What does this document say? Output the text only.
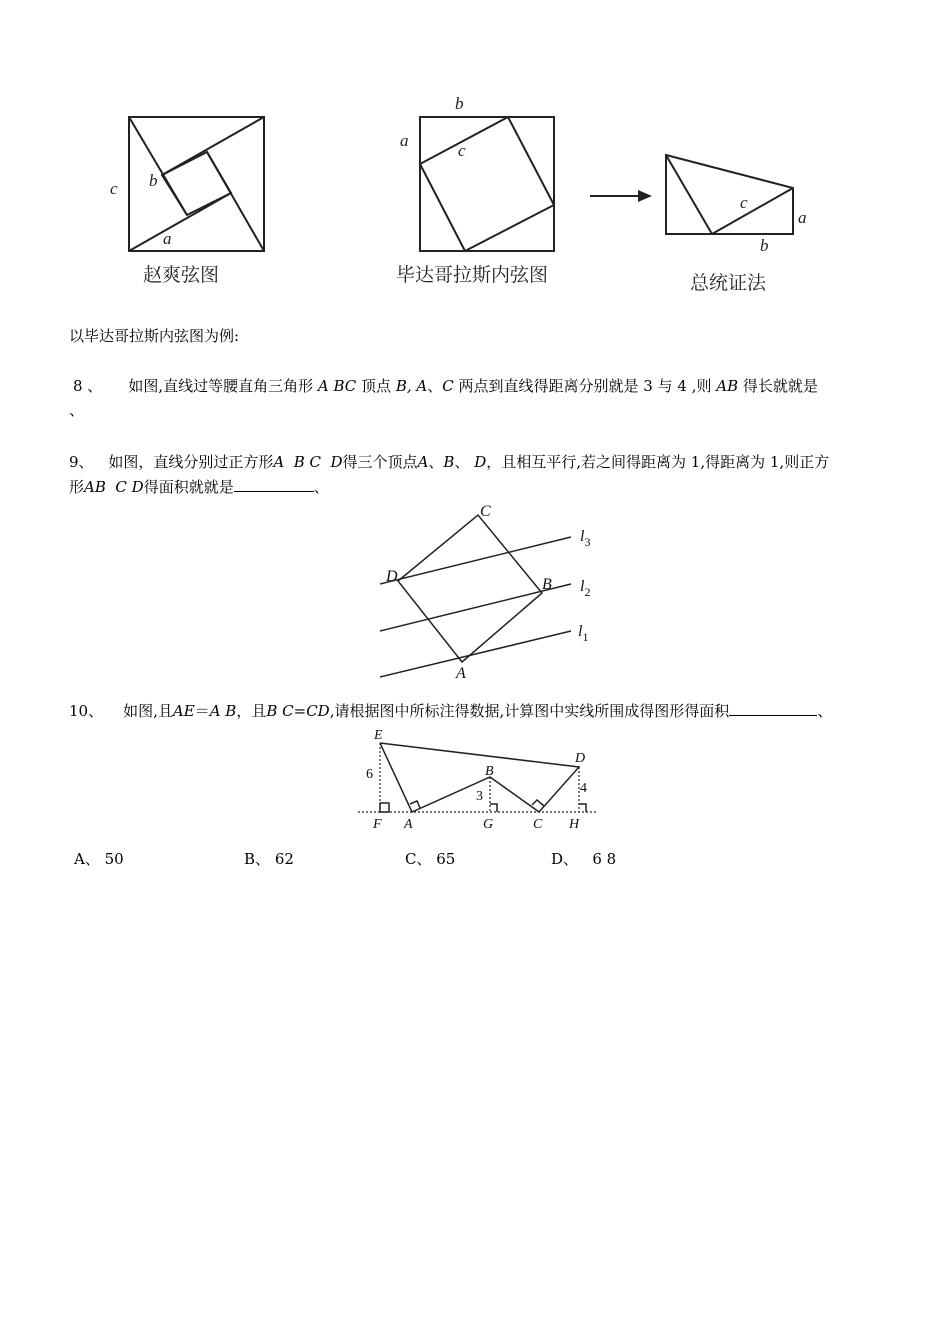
c b
a
b
a
c
c
a
b
赵爽弦图	毕达哥拉斯内弦图	总统证法
以毕达哥拉斯内弦图为例:
8 、 如图,直线过等腰直角三角形 A BC 顶点 B, A、C 两点到直线得距离分别就是 3 与 4 ,则 AB 得长就就是
、
9、 如图，直线分别过正方形A  B C  D得三个顶点A、B、 D，且相互平行,若之间得距离为 1,得距离为 1,则正方
形AB  C D得面积就就是	、
C
D	B
A
$l_3$
$l_2$
$l_1$
10、 如图,且AE＝A B，且B C=CD,请根据图中所标注得数据,计算图中实线所围成得图形得面积	、
E
D
B
F A	G	C H
6
3
4
A、 50	B、 62	C、 65	D、 6 8
